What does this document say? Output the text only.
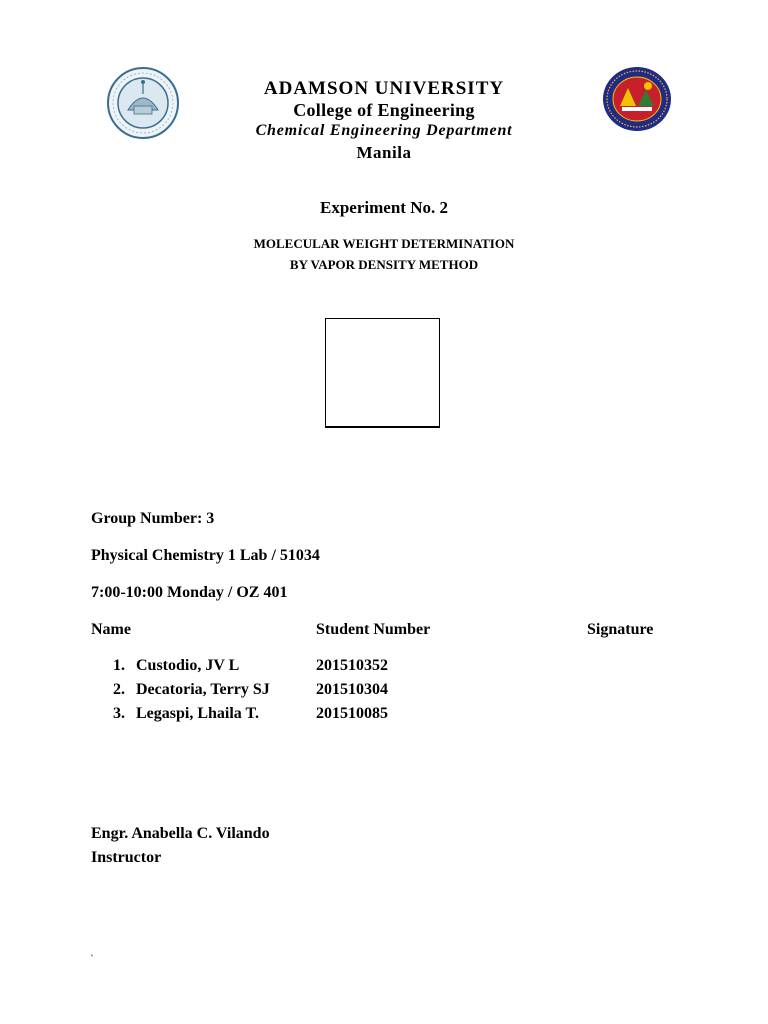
ADAMSON UNIVERSITY
College of Engineering
Chemical Engineering Department
Manila
Experiment No. 2
MOLECULAR WEIGHT DETERMINATION
BY VAPOR DENSITY METHOD
Group Number: 3
Physical Chemistry 1 Lab / 51034
7:00-10:00 Monday / OZ 401
Name	Student Number	Signature
1. Custodio, JV L	201510352
2. Decatoria, Terry SJ	201510304
3. Legaspi, Lhaila T.	201510085
Engr. Anabella C. Vilando
Instructor
`
